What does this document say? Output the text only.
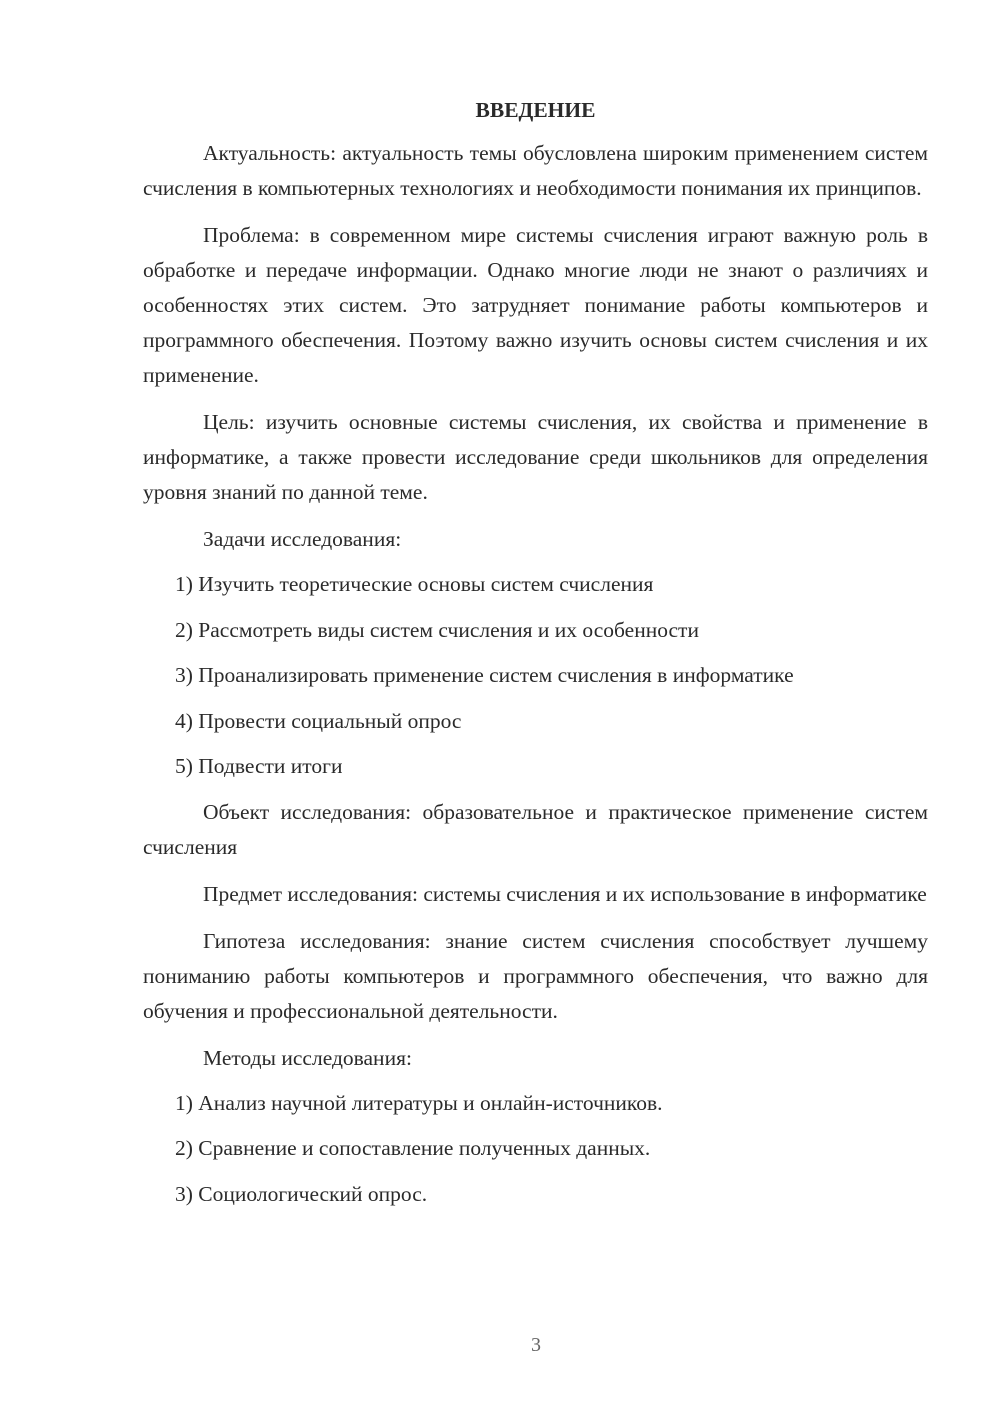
ВВЕДЕНИЕ

Актуальность: актуальность темы обусловлена широким применением систем счисления в компьютерных технологиях и необходимости понимания их принципов.

Проблема: в современном мире системы счисления играют важную роль в обработке и передаче информации. Однако многие люди не знают о различиях и особенностях этих систем. Это затрудняет понимание работы компьютеров и программного обеспечения. Поэтому важно изучить основы систем счисления и их применение.

Цель: изучить основные системы счисления, их свойства и применение в информатике, а также провести исследование среди школьников для определения уровня знаний по данной теме.

Задачи исследования:

1) Изучить теоретические основы систем счисления
2) Рассмотреть виды систем счисления и их особенности
3) Проанализировать применение систем счисления в информатике
4) Провести социальный опрос
5) Подвести итоги

Объект исследования: образовательное и практическое применение систем счисления

Предмет исследования: системы счисления и их использование в информатике

Гипотеза исследования: знание систем счисления способствует лучшему пониманию работы компьютеров и программного обеспечения, что важно для обучения и профессиональной деятельности.

Методы исследования:

1) Анализ научной литературы и онлайн-источников.
2) Сравнение и сопоставление полученных данных.
3) Социологический опрос.
3
